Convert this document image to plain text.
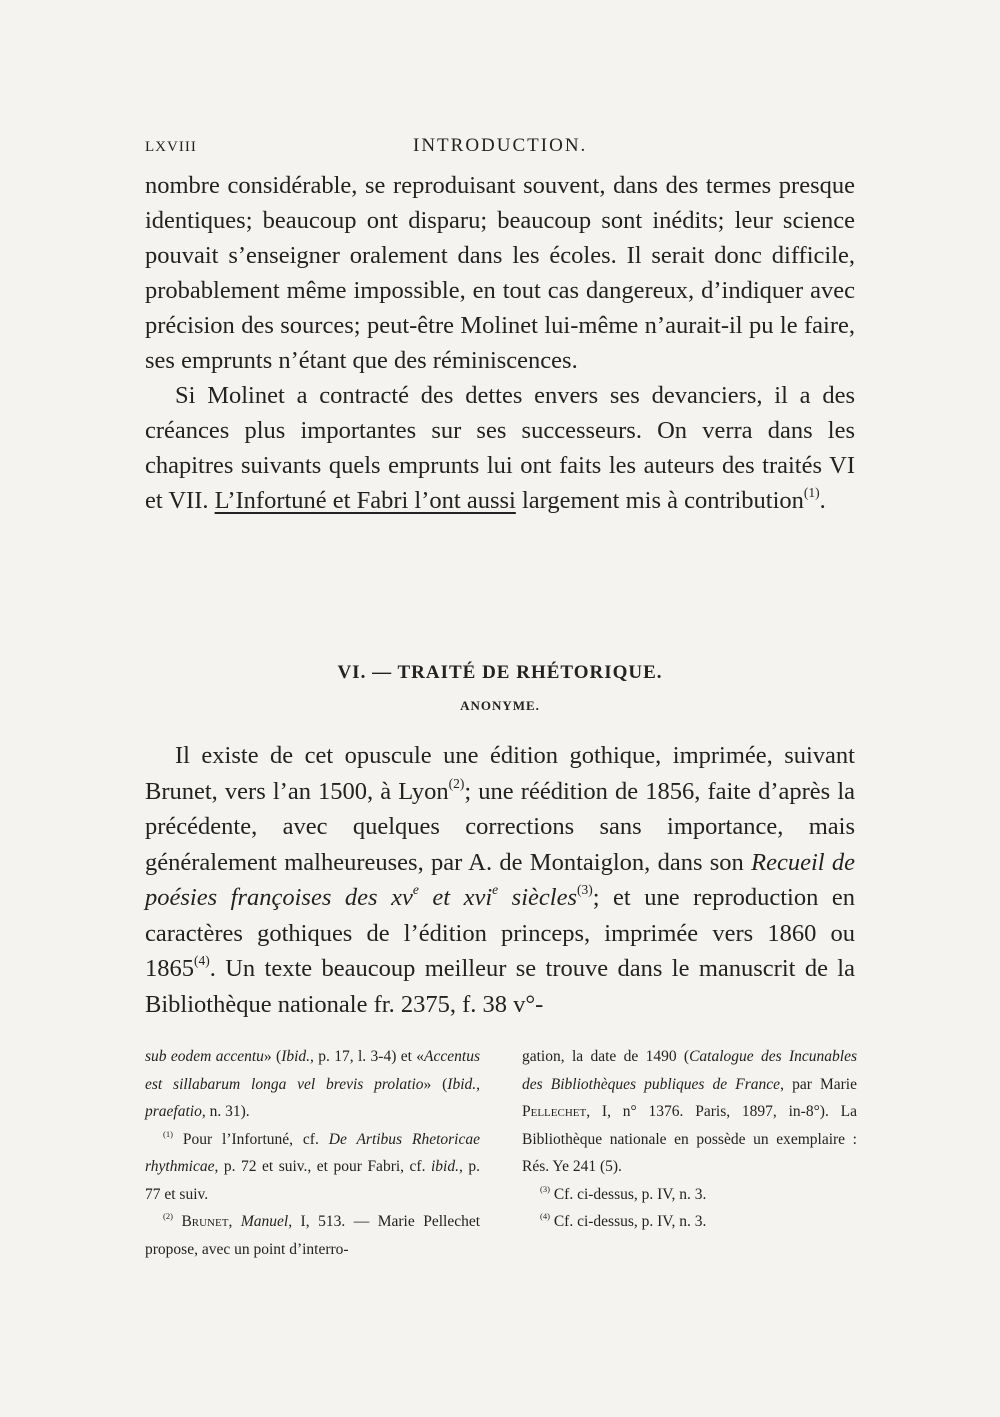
LXVIII	INTRODUCTION.

nombre considérable, se reproduisant souvent, dans des termes presque identiques; beaucoup ont disparu; beaucoup sont inédits; leur science pouvait s’enseigner oralement dans les écoles. Il serait donc difficile, probablement même impossible, en tout cas dangereux, d’indiquer avec précision des sources; peut-être Molinet lui-même n’aurait-il pu le faire, ses emprunts n’étant que des réminiscences.

Si Molinet a contracté des dettes envers ses devanciers, il a des créances plus importantes sur ses successeurs. On verra dans les chapitres suivants quels emprunts lui ont faits les auteurs des traités VI et VII. L’Infortuné et Fabri l’ont aussi largement mis à contribution$^{(1)}$.

VI. — TRAITÉ DE RHÉTORIQUE.
ANONYME.

Il existe de cet opuscule une édition gothique, imprimée, suivant Brunet, vers l’an 1500, à Lyon$^{(2)}$; une réédition de 1856, faite d’après la précédente, avec quelques corrections sans importance, mais généralement malheureuses, par A. de Montaiglon, dans son Recueil de poésies françoises des $xv^e$ et xvi$^e$ siècles$^{(3)}$; et une reproduction en caractères gothiques de l’édition princeps, imprimée vers 1860 ou 1865$^{(4)}$. Un texte beaucoup meilleur se trouve dans le manuscrit de la Bibliothèque nationale fr. 2375, f. 38 v°-

sub eodem accentu» (Ibid., p. 17, l. 3-4) et «Accentus est sillabarum longa vel brevis prolatio» (Ibid., praefatio, n. 31).

$^{(1)}$ Pour l’Infortuné, cf. De Artibus Rhetoricae rhythmicae, p. 72 et suiv., et pour Fabri, cf. ibid., p. 77 et suiv.

$^{(2)}$ Brunet, Manuel, I, 513. — Marie Pellechet propose, avec un point d’interro-

gation, la date de 1490 (Catalogue des Incunables des Bibliothèques publiques de France, par Marie Pellechet, I, n° 1376. Paris, 1897, in-8°). La Bibliothèque nationale en possède un exemplaire : Rés. Ye 241 (5).

$^{(3)}$ Cf. ci-dessus, p. IV, n. 3.

$^{(4)}$ Cf. ci-dessus, p. IV, n. 3.
